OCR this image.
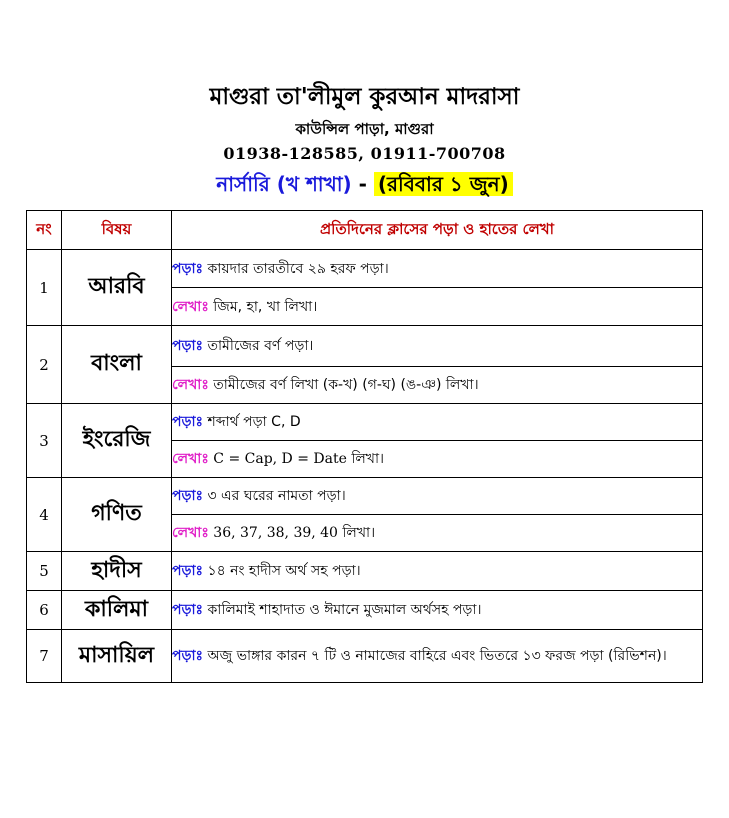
মাগুরা তা'লীমুল কুরআন মাদরাসা
কাউন্সিল পাড়া, মাগুরা
01938-128585, 01911-700708
নার্সারি (খ শাখা) - (রবিবার ১ জুন)
নং	বিষয়	প্রতিদিনের ক্লাসের পড়া ও হাতের লেখা
1	আরবি	পড়াঃ কায়দার তারতীবে ২৯ হরফ পড়া।
		লেখাঃ জিম, হা, খা লিখা।
2	বাংলা	পড়াঃ তামীজের বর্ণ পড়া।
		লেখাঃ তামীজের বর্ণ লিখা (ক-খ) (গ-ঘ) (ঙ-ঞ) লিখা।
3	ইংরেজি	পড়াঃ শব্দার্থ পড়া C, D
		লেখাঃ C = Cap, D = Date লিখা।
4	গণিত	পড়াঃ ৩ এর ঘরের নামতা পড়া।
		লেখাঃ 36, 37, 38, 39, 40 লিখা।
5	হাদীস	পড়াঃ ১৪ নং হাদীস অর্থ সহ পড়া।
6	কালিমা	পড়াঃ কালিমাই শাহাদাত ও ঈমানে মুজমাল অর্থসহ পড়া।
7	মাসায়িল	পড়াঃ অজু ভাঙ্গার কারন ৭ টি ও নামাজের বাহিরে এবং ভিতরে ১৩ ফরজ পড়া (রিভিশন)।
